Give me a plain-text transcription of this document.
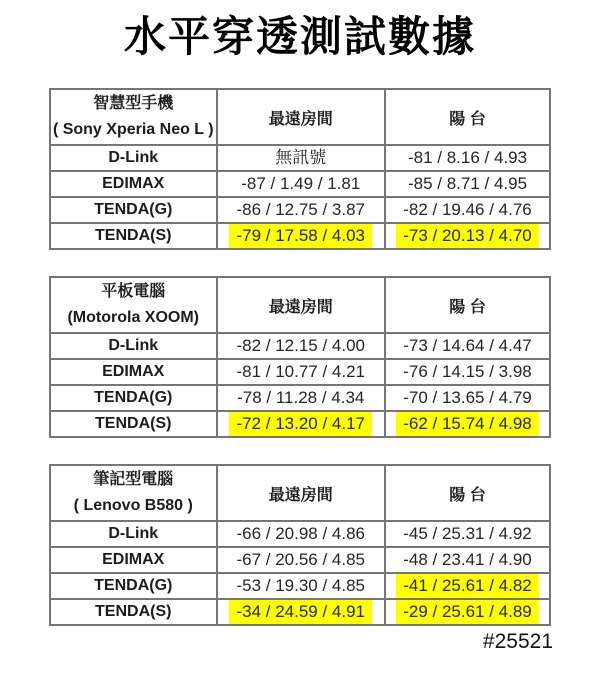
水平穿透測試數據
智慧型手機
( Sony Xperia Neo L )	最遠房間	陽 台
D-Link	無訊號	-81 / 8.16 / 4.93
EDIMAX	-87 / 1.49 / 1.81	-85 / 8.71 / 4.95
TENDA(G)	-86 / 12.75 / 3.87	-82 / 19.46 / 4.76
TENDA(S)	-79 / 17.58 / 4.03	-73 / 20.13 / 4.70
平板電腦
(Motorola XOOM)	最遠房間	陽 台
D-Link	-82 / 12.15 / 4.00	-73 / 14.64 / 4.47
EDIMAX	-81 / 10.77 / 4.21	-76 / 14.15 / 3.98
TENDA(G)	-78 / 11.28 / 4.34	-70 / 13.65 / 4.79
TENDA(S)	-72 / 13.20 / 4.17	-62 / 15.74 / 4.98
筆記型電腦
( Lenovo B580 )	最遠房間	陽 台
D-Link	-66 / 20.98 / 4.86	-45 / 25.31 / 4.92
EDIMAX	-67 / 20.56 / 4.85	-48 / 23.41 / 4.90
TENDA(G)	-53 / 19.30 / 4.85	-41 / 25.61 / 4.82
TENDA(S)	-34 / 24.59 / 4.91	-29 / 25.61 / 4.89
#25521
